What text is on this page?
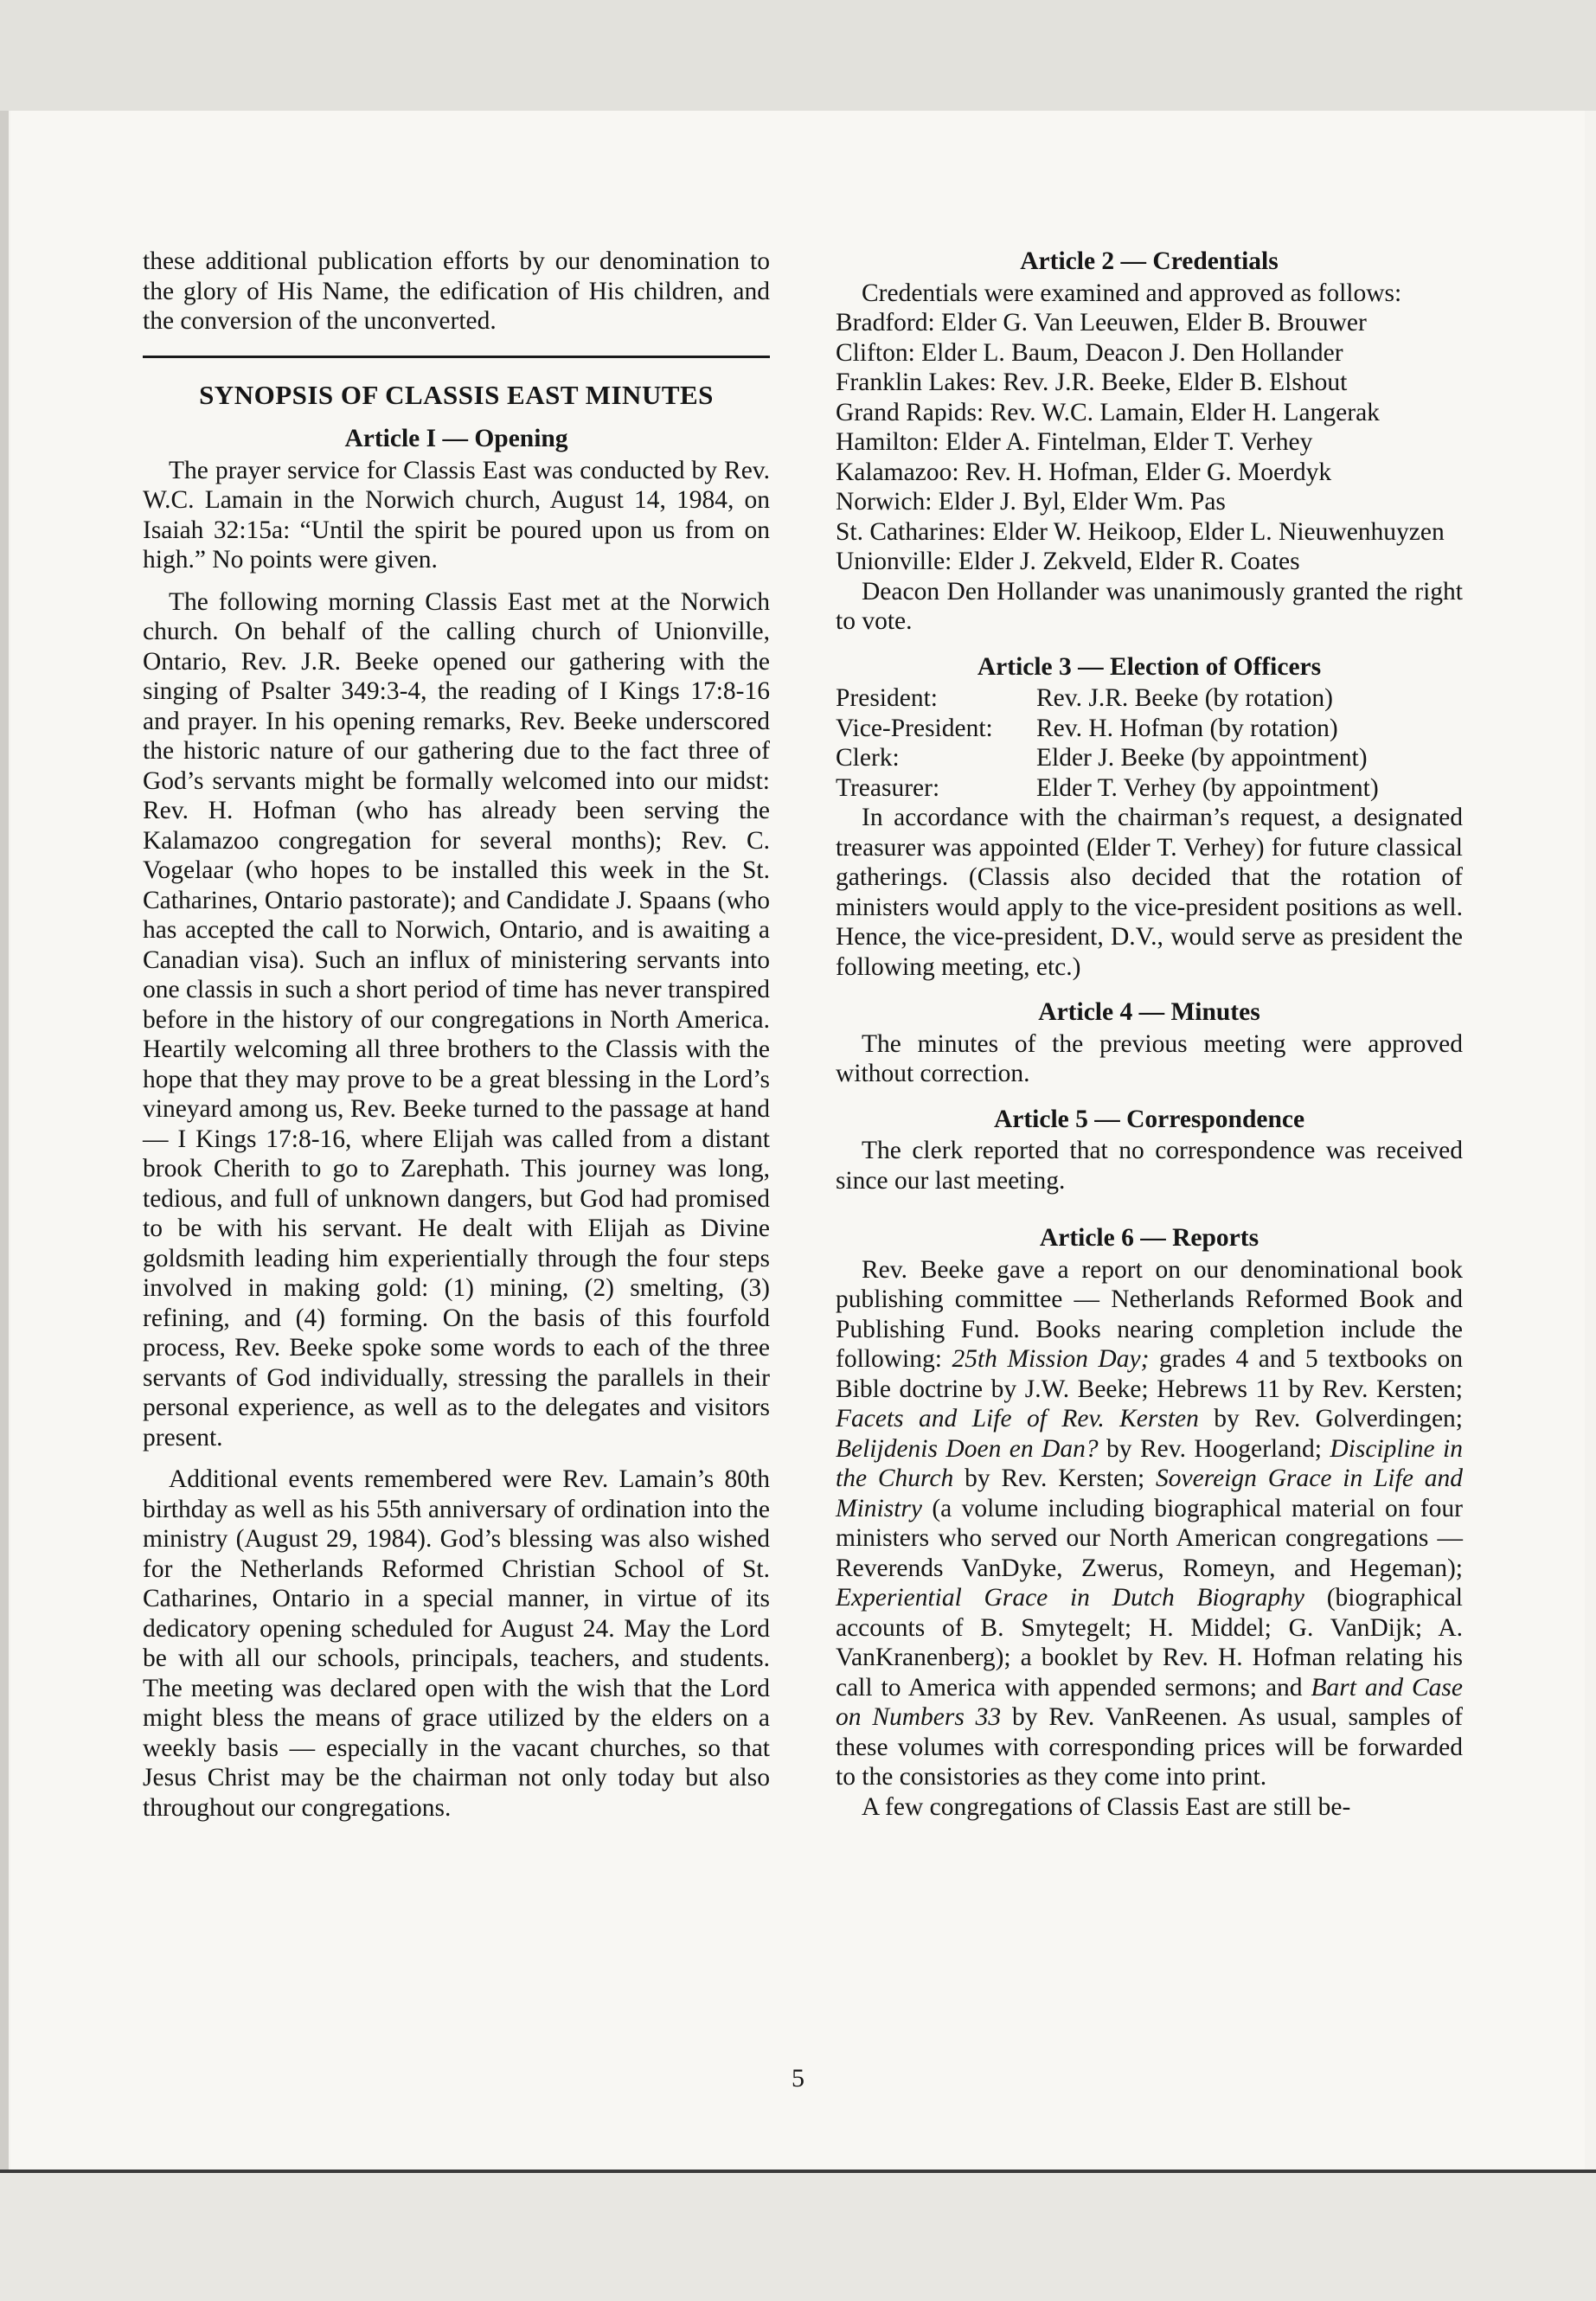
these additional publication efforts by our denomination to the glory of His Name, the edification of His children, and the conversion of the unconverted.

SYNOPSIS OF CLASSIS EAST MINUTES
Article I — Opening

The prayer service for Classis East was conducted by Rev. W.C. Lamain in the Norwich church, August 14, 1984, on Isaiah 32:15a: “Until the spirit be poured upon us from on high.” No points were given.

The following morning Classis East met at the Norwich church. On behalf of the calling church of Unionville, Ontario, Rev. J.R. Beeke opened our gathering with the singing of Psalter 349:3-4, the reading of I Kings 17:8-16 and prayer. In his opening remarks, Rev. Beeke underscored the historic nature of our gathering due to the fact three of God’s servants might be formally welcomed into our midst: Rev. H. Hofman (who has already been serving the Kalamazoo congregation for several months); Rev. C. Vogelaar (who hopes to be installed this week in the St. Catharines, Ontario pastorate); and Candidate J. Spaans (who has accepted the call to Norwich, Ontario, and is awaiting a Canadian visa). Such an influx of ministering servants into one classis in such a short period of time has never transpired before in the history of our congregations in North America. Heartily welcoming all three brothers to the Classis with the hope that they may prove to be a great blessing in the Lord’s vineyard among us, Rev. Beeke turned to the passage at hand — I Kings 17:8-16, where Elijah was called from a distant brook Cherith to go to Zarephath. This journey was long, tedious, and full of unknown dangers, but God had promised to be with his servant. He dealt with Elijah as Divine goldsmith leading him experientially through the four steps involved in making gold: (1) mining, (2) smelting, (3) refining, and (4) forming. On the basis of this fourfold process, Rev. Beeke spoke some words to each of the three servants of God individually, stressing the parallels in their personal experience, as well as to the delegates and visitors present.

Additional events remembered were Rev. Lamain’s 80th birthday as well as his 55th anniversary of ordination into the ministry (August 29, 1984). God’s blessing was also wished for the Netherlands Reformed Christian School of St. Catharines, Ontario in a special manner, in virtue of its dedicatory opening scheduled for August 24. May the Lord be with all our schools, principals, teachers, and students. The meeting was declared open with the wish that the Lord might bless the means of grace utilized by the elders on a weekly basis — especially in the vacant churches, so that Jesus Christ may be the chairman not only today but also throughout our congregations.

Article 2 — Credentials

Credentials were examined and approved as follows:

Bradford: Elder G. Van Leeuwen, Elder B. Brouwer

Clifton: Elder L. Baum, Deacon J. Den Hollander

Franklin Lakes: Rev. J.R. Beeke, Elder B. Elshout

Grand Rapids: Rev. W.C. Lamain, Elder H. Langerak

Hamilton: Elder A. Fintelman, Elder T. Verhey

Kalamazoo: Rev. H. Hofman, Elder G. Moerdyk

Norwich: Elder J. Byl, Elder Wm. Pas

St. Catharines: Elder W. Heikoop, Elder L. Nieuwenhuyzen

Unionville: Elder J. Zekveld, Elder R. Coates

Deacon Den Hollander was unanimously granted the right to vote.

Article 3 — Election of Officers
President:	Rev. J.R. Beeke (by rotation)
Vice-President:	Rev. H. Hofman (by rotation)
Clerk:	Elder J. Beeke (by appointment)
Treasurer:	Elder T. Verhey (by appointment)

In accordance with the chairman’s request, a designated treasurer was appointed (Elder T. Verhey) for future classical gatherings. (Classis also decided that the rotation of ministers would apply to the vice-president positions as well. Hence, the vice-president, D.V., would serve as president the following meeting, etc.)

Article 4 — Minutes

The minutes of the previous meeting were approved without correction.

Article 5 — Correspondence

The clerk reported that no correspondence was received since our last meeting.

Article 6 — Reports

Rev. Beeke gave a report on our denominational book publishing committee — Netherlands Reformed Book and Publishing Fund. Books nearing completion include the following: 25th Mission Day; grades 4 and 5 textbooks on Bible doctrine by J.W. Beeke; Hebrews 11 by Rev. Kersten; Facets and Life of Rev. Kersten by Rev. Golverdingen; Belijdenis Doen en Dan? by Rev. Hoogerland; Discipline in the Church by Rev. Kersten; Sovereign Grace in Life and Ministry (a volume including biographical material on four ministers who served our North American congregations — Reverends VanDyke, Zwerus, Romeyn, and Hegeman); Experiential Grace in Dutch Biography (biographical accounts of B. Smytegelt; H. Middel; G. VanDijk; A. VanKranenberg); a booklet by Rev. H. Hofman relating his call to America with appended sermons; and Bart and Case on Numbers 33 by Rev. VanReenen. As usual, samples of these volumes with corresponding prices will be forwarded to the consistories as they come into print.

A few congregations of Classis East are still be-

5
